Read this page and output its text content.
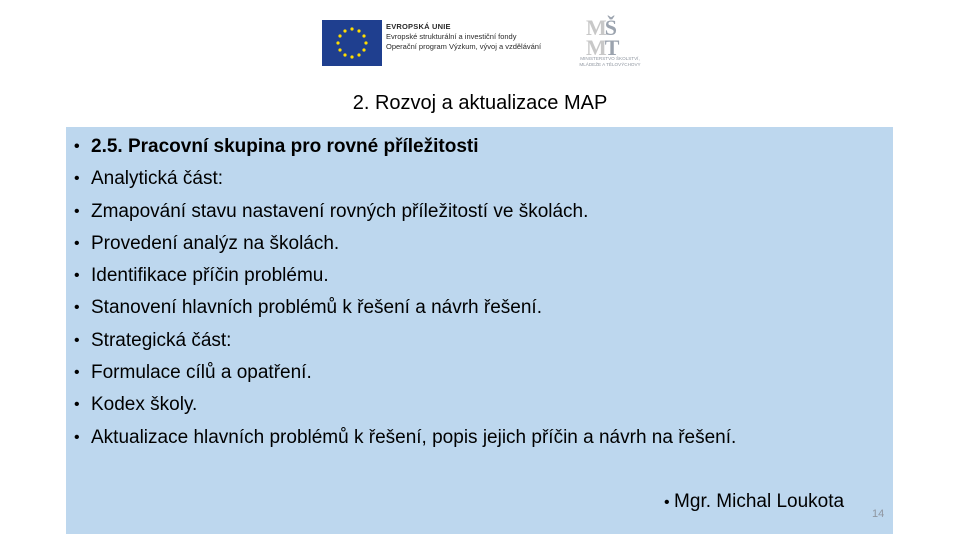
EVROPSKÁ UNIE
Evropské strukturální a investiční fondy
Operační program Výzkum, vývoj a vzdělávání
MŠ
MT
MINISTERSTVO ŠKOLSTVÍ,
MLÁDEŽE A TĚLOVÝCHOVY
2. Rozvoj a aktualizace MAP
• 2.5. Pracovní skupina pro rovné příležitosti
• Analytická část:
• Zmapování stavu nastavení rovných příležitostí ve školách.
• Provedení analýz na školách.
• Identifikace příčin problému.
• Stanovení hlavních problémů k řešení a návrh řešení.
• Strategická část:
• Formulace cílů a opatření.
• Kodex školy.
• Aktualizace hlavních problémů k řešení, popis jejich příčin a návrh na řešení.
• Mgr. Michal Loukota
14
